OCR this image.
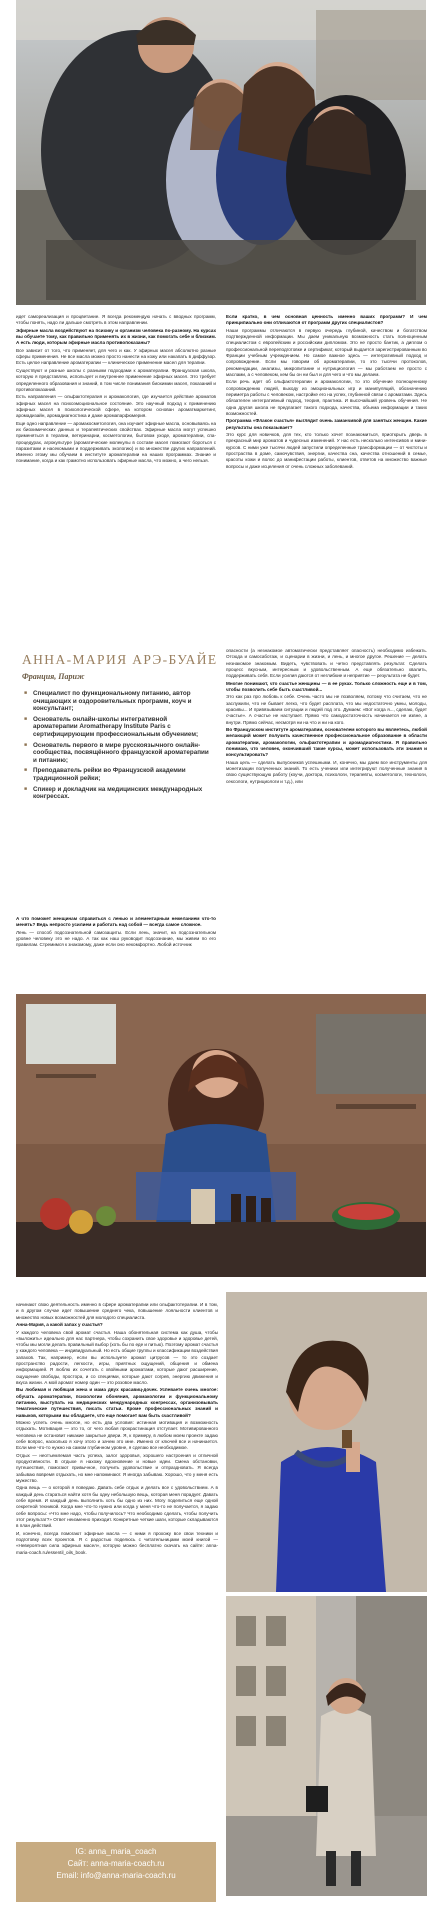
идет самореализация и процветание. Я всегда рекомендую начать с вводных программ, чтобы понять, надо ли дальше смотреть в этом направлении.

Эфирные масла воздействуют на психику и организм человека по-разному. На курсах вы обучаете тому, как правильно применять их в жизни, как помогать себе и близким. А есть люди, которым эфирные масла противопоказаны?

Все зависит от того, что применяет, для чего и как. У эфирных масел абсолютно разные сферы применения. Не все масла можно просто нанести на кожу или накапать в диффузор. Есть целое направление ароматерапии — клиническое применение масел для терапии.

Существуют и разные школы с разными подходами к ароматерапии. Французская школа, которую я представляю, использует и внутреннее применение эфирных масел. Это требует определенного образования и знаний, в том числе понимания биохимии масел, показаний и противопоказаний.

Есть направления — ольфактотерапия и аромакология, где изучается действие ароматов эфирных масел на психоэмоциональное состояние. Это научный подход к применению эфирных масел в психологической сфере, на котором основан ароматмаркетинг, аромадизайн, аромадиагностика и даже аромапарфюмерия.

Еще одно направление — аромакосметология, она изучает эфирные масла, основываясь на их биохимических данных и терапевтических свойствах. Эфирные масла могут успешно применяться в терапии, ветеринарии, косметологии, бытовом уходе, ароматерапии, спа-процедурах, агрокультуре (ароматические молекулы в составе масел помогают бороться с паразитами и насекомыми и поддерживать экологию) и во множестве других направлений. Именно этому мы обучаем в институте ароматерапии на наших программах. Знание и понимание, когда и как грамотно использовать эфирные масла, что можно, а чего нельзя.

Если кратко, в чем основная ценность именно ваших программ? И чем принципиально они отличаются от программ других специалистов?

Наши программы отличаются в первую очередь глубиной, качеством и богатством подтвержденной информации. Мы даем уникальную возможность стать полноценным специалистом с европейским и российским дипломом. Это не просто бантик, а диплом о профессиональной переподготовке и сертификат, который выдается зарегистрированным во Франции учебным учреждением. Но самое важное здесь — интегративный подход и сопровождение. Если мы говорим об ароматерапии, то это тысячи протоколов, рекомендации, анализы, микропитание и нутрициология — мы работаем не просто с маслами, а с человеком, кем бы он ни был и для чего и что мы делаем.

Если речь идет об ольфактотерапии и аромакологии, то это обучение полноценному сопровождению людей, выходу из эмоциональных игр и манипуляций, обозначению периметра работы с человеком, настройке его на успех, глубинной связи с ароматами. Здесь обязателен интегративный подход, теория, практика. И высочайший уровень обучения. Не одна другая школа не предлагает такого подхода, качества, объема информации и таких возможностей.

Программа «Флакон счастья» выглядит очень заманчивой для занятых женщин. Какие результаты она показывает?

Это курс для новичков, для тех, кто только хочет познакомиться, приоткрыть дверь в прекрасный мир ароматов и чудесных изменений. У нас есть несколько интенсивов и мини-курсов. С ними уже тысячи людей запустили определенные трансформации — от чистоты и простраства в доме, самочувствия, энергии, качества сна, качества отношений в семье, красоты кожи и волос до манифестации работы, клиентов, ответов на множество важные вопросы и даже исцеления от очень сложных заболеваний.

АННА-МАРИЯ АРЭ-БУАЙЕ
Франция, Париж
■ Специалист по функциональному питанию, автор очищающих и оздоровительных программ, коуч и консультант;
■ Основатель онлайн-школы интегративной ароматерапии Aromatherapy Institute Paris с сертифицирующим профессиональным обучением;
■ Основатель первого в мире русскоязычного онлайн-сообщества, посвящённого французской ароматерапии и питанию;
■ Преподаватель рейки во Французской академии традиционной рейки;
■ Спикер и докладчик на медицинских международных конгрессах.

А что поможет женщинам справиться с ленью и элементарным нежеланием что-то менять? Ведь непросто усилием и работать над собой — всегда самое сложное.

Лень — способ подсознательной самозащиты. Если лень, значит, на подсознательном уровне человеку это не надо. А так как наш руководит подсознание, мы живем по его правилам. Стремимся к знакомому, даже если оно некомфортно. Любой источник

опасности (а незнакомое автоматически представляет опасность) необходимо избежать. Отсюда и самосаботаж, и сценарии в жизни, и лень, и многое другое. Решение — делать незнакомое знакомым. Видеть, чувствовать и четко представлять результат. Сделать процесс вкусным, интересным и удовольственным. А еще обязательно хвалить, поддерживать себя. Если усилия даются от неглибкие и неприятие — результата не будет.

Многие понимают, что счастье женщины — в ее руках. Только сложность еще и в том, чтобы позволить себе быть счастливой...

Это как раз про любовь к себе. Очень часто мы не позволяем, потому что считаем, что не заслужили, что не бывает легко, что будет расплата, что мы недостаточно умны, молоды, красивы... И привязываем ситуации и людей под это. Думаем: «Вот когда я..., сделаю, будет счастье». А счастье не наступает. Прямо что самодостаточность начинается не извне, а внутри. Прямо сейчас, несмотря ни на что и ни на кого.

Во Французском институте ароматерапии, основателем которого вы являетесь, любой желающий может получить качественное профессиональное образование в области ароматерапии, аромакологии, ольфактотерапии и аромадиагностики. Я правильно понимаю, что человек, окончивший такие курсы, может использовать эти знания и консультировать?

Наша цель — сделать выпускников успешными. И, конечно, мы даем все инструменты для монетизации полученных знаний. То есть ученики или интегрируют полученные знания в свою существующую работу (коучи, доктора, психологи, терапевты, косметологи, технологи, сексологи, нутрициологи и т.д.), или

начинают свою деятельность именно в сфере ароматерапии или ольфактотерапии. И в том, и в другом случае идет повышение среднего чека, повышение лояльности клиентов и множество новых возможностей для молодого специалиста.

Анна-Мария, а какой запах у счастья?

У каждого человека свой аромат счастья. Наша обонятельная система как душа, чтобы «выложить» идеально для нас партнера, чтобы сохранить свое здоровье и здоровье детей, чтобы мы могли делать правильный выбор (хоть бы по еде и питью). Поэтому аромат счастья у каждого человека — индивидуальный. Но есть общие группы и классификации воздействия запахов. Так, например, если вы используете аромат цитрусов — то это создает пространство радости, легкости, игры, приятных ощущений, общения и обмена информацией. Я люблю их сочетать с хвойными ароматами, которые дают расширение, ощущение свободы, простора, и со специями, которые дают согрев, энергию движения и вкуса жизни. А мой аромат номер один — это розовое масло.

Вы любимая и любящая жена и мама двух красавиц-дочек. Успеваете очень многое: обучать ароматерапии, психологии обоняния, аромакологии и функциональному питанию, выступать на медицинских международных конгрессах, организовывать тематические путешествия, писать статьи. Кроме профессиональных знаний и навыков, которыми вы обладаете, что еще помогает вам быть счастливой?

Можно успеть очень многое, но есть два условия: истинная мотивация и возможность отдыхать. Мотивация — это то, от чего любая прокрастинация отступает. Мотивированного человека не остановит никакие закрытые двери. Я, к примеру, в любом моем проекте задаю себе вопрос, насколько я хочу этого и зачем это мне. Именно от ключей все и начинается. Если мне что-то нужно на самом глубинном уровне, я сделаю все необходимое.

Отдых — неотъемлемая часть успеха, залог здоровья, хорошего настроения и отличной продуктивности. В отдыхе я нахожу вдохновение и новые идеи. Смена обстановки, путешествия, помогают привычное, получить удовольствие и отпраздновать. Я всегда забываю вовремя отдыхать, но мне напоминают. Я иногда забываю. Хорошо, что у меня есть мужество.

Одна вещь — о которой я поведаю. Давать себе отдых и делать все с удовольствием. А в каждый день стараться найти хотя бы одну небольшую вещь, которая меня порадует. Давать себе время. И каждый день выполнить хоть бы одно из них. Могу поделиться еще одной секретной техникой. Когда мне что-то нужно или когда у меня что-то не получается, я задаю себе вопросы: «Что мне надо, чтобы получилось? Что необходимо сделать, чтобы получить этот результат?» Ответ неизменно приходит. Конкретные четкие шаги, которые складываются в план действий.

И, конечно, всегда помогают эфирные масла — с ними я прохожу все свои техники и подготовку всех проектов. Я с радостью поделюсь с читательницами моей книгой — «Невероятная сила эфирных масел», которую можно бесплатно скачать на сайте: anna-maria-coach.ru/essentil_oils_book.

IG: anna_maria_coach
Сайт: anna-maria-coach.ru
Email: info@anna-maria-coach.ru
